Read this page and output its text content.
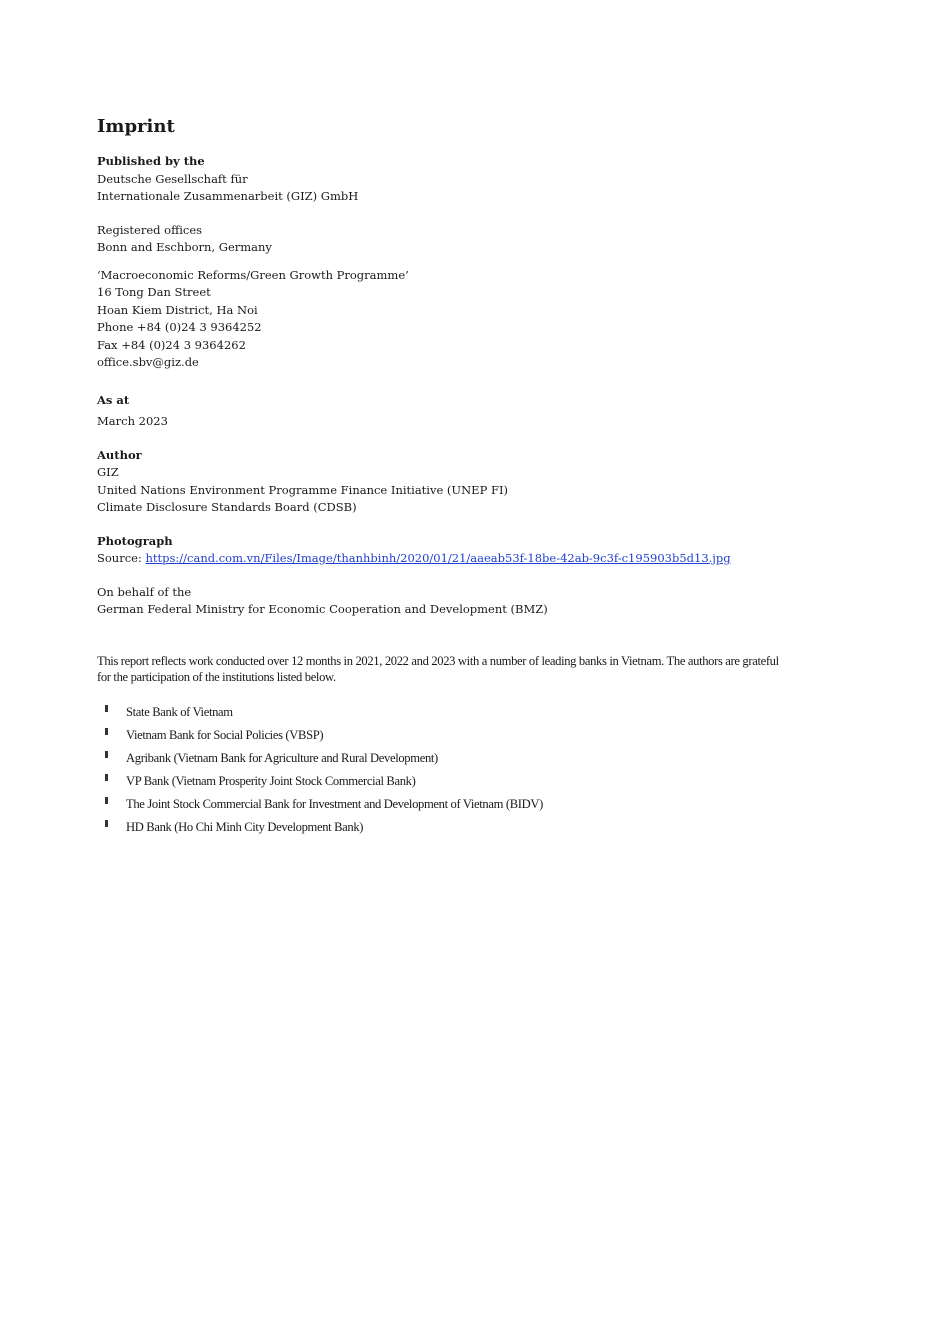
Imprint
Published by the
Deutsche Gesellschaft für
Internationale Zusammenarbeit (GIZ) GmbH
Registered offices
Bonn and Eschborn, Germany
‘Macroeconomic Reforms/Green Growth Programme’
16 Tong Dan Street
Hoan Kiem District, Ha Noi
Phone +84 (0)24 3 9364252
Fax +84 (0)24 3 9364262
office.sbv@giz.de
As at
March 2023
Author
GIZ
United Nations Environment Programme Finance Initiative (UNEP FI)
Climate Disclosure Standards Board (CDSB)
Photograph
Source: https://cand.com.vn/Files/Image/thanhbinh/2020/01/21/aaeab53f-18be-42ab-9c3f-c195903b5d13.jpg
On behalf of the
German Federal Ministry for Economic Cooperation and Development (BMZ)
This report reflects work conducted over 12 months in 2021, 2022 and 2023 with a number of leading banks in Vietnam. The authors are grateful
for the participation of the institutions listed below.
State Bank of Vietnam
Vietnam Bank for Social Policies (VBSP)
Agribank (Vietnam Bank for Agriculture and Rural Development)
VP Bank (Vietnam Prosperity Joint Stock Commercial Bank)
The Joint Stock Commercial Bank for Investment and Development of Vietnam (BIDV)
HD Bank (Ho Chi Minh City Development Bank)
